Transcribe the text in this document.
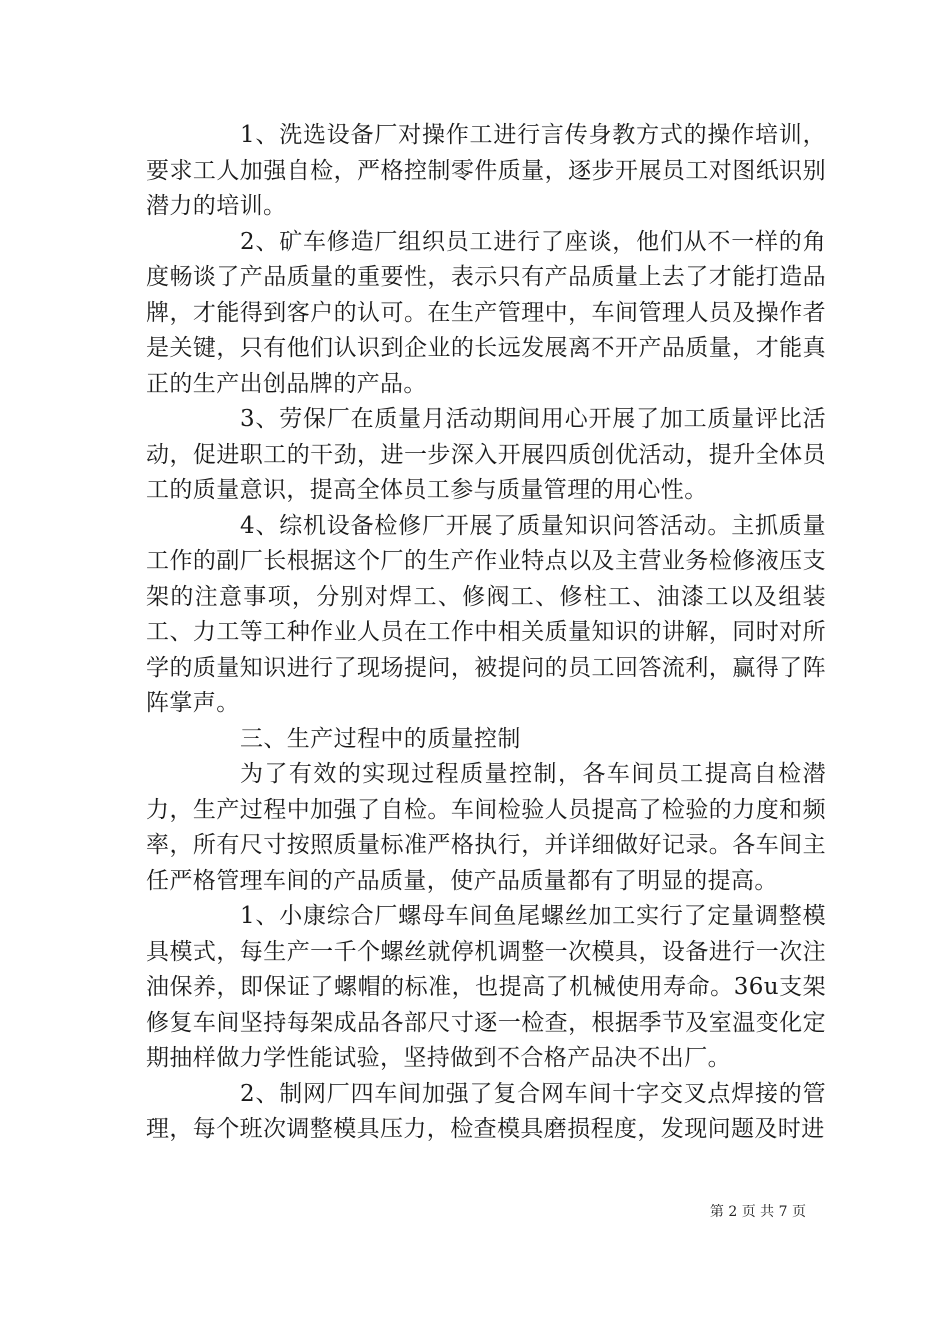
1、洗选设备厂对操作工进行言传身教方式的操作培训，要求工人加强自检，严格控制零件质量，逐步开展员工对图纸识别潜力的培训。

2、矿车修造厂组织员工进行了座谈，他们从不一样的角度畅谈了产品质量的重要性，表示只有产品质量上去了才能打造品牌，才能得到客户的认可。在生产管理中，车间管理人员及操作者是关键，只有他们认识到企业的长远发展离不开产品质量，才能真正的生产出创品牌的产品。

3、劳保厂在质量月活动期间用心开展了加工质量评比活动，促进职工的干劲，进一步深入开展四质创优活动，提升全体员工的质量意识，提高全体员工参与质量管理的用心性。

4、综机设备检修厂开展了质量知识问答活动。主抓质量工作的副厂长根据这个厂的生产作业特点以及主营业务检修液压支架的注意事项，分别对焊工、修阀工、修柱工、油漆工以及组装工、力工等工种作业人员在工作中相关质量知识的讲解，同时对所学的质量知识进行了现场提问，被提问的员工回答流利，赢得了阵阵掌声。

三、生产过程中的质量控制

为了有效的实现过程质量控制，各车间员工提高自检潜力，生产过程中加强了自检。车间检验人员提高了检验的力度和频率，所有尺寸按照质量标准严格执行，并详细做好记录。各车间主任严格管理车间的产品质量，使产品质量都有了明显的提高。

1、小康综合厂螺母车间鱼尾螺丝加工实行了定量调整模具模式，每生产一千个螺丝就停机调整一次模具，设备进行一次注油保养，即保证了螺帽的标准，也提高了机械使用寿命。36u支架修复车间坚持每架成品各部尺寸逐一检查，根据季节及室温变化定期抽样做力学性能试验，坚持做到不合格产品决不出厂。

2、制网厂四车间加强了复合网车间十字交叉点焊接的管理，每个班次调整模具压力，检查模具磨损程度，发现问题及时进

第 2 页 共 7 页
